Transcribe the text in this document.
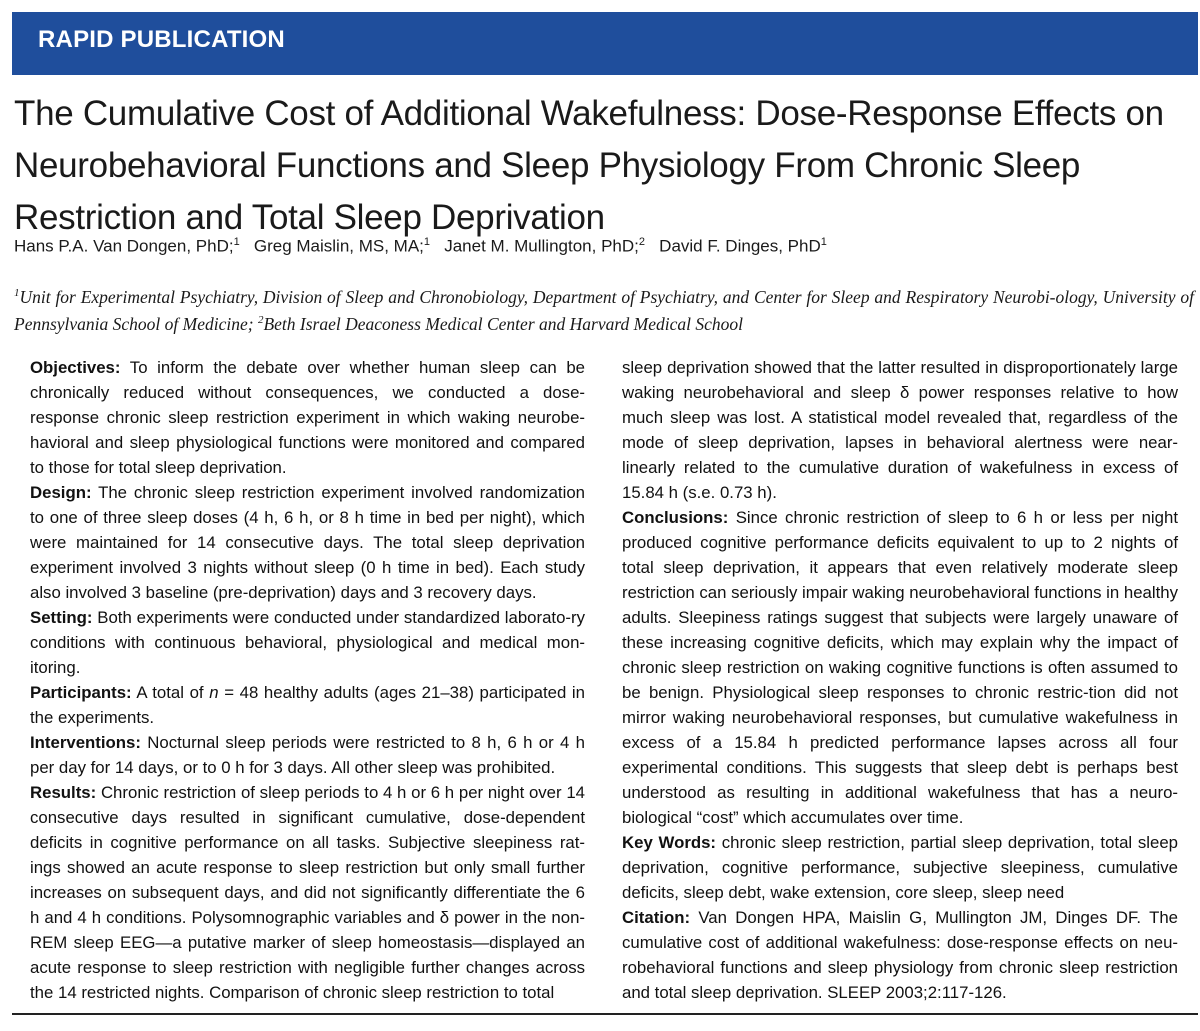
RAPID PUBLICATION
The Cumulative Cost of Additional Wakefulness: Dose-Response Effects on Neurobehavioral Functions and Sleep Physiology From Chronic Sleep Restriction and Total Sleep Deprivation
Hans P.A. Van Dongen, PhD;$^1$ Greg Maislin, MS, MA;$^1$ Janet M. Mullington, PhD;$^2$ David F. Dinges, PhD$^1$
$^1$Unit for Experimental Psychiatry, Division of Sleep and Chronobiology, Department of Psychiatry, and Center for Sleep and Respiratory Neurobi-ology, University of Pennsylvania School of Medicine; $^2$Beth Israel Deaconess Medical Center and Harvard Medical School

Objectives: To inform the debate over whether human sleep can be chronically reduced without consequences, we conducted a dose-response chronic sleep restriction experiment in which waking neurobe-havioral and sleep physiological functions were monitored and compared to those for total sleep deprivation.

Design: The chronic sleep restriction experiment involved randomization to one of three sleep doses (4 h, 6 h, or 8 h time in bed per night), which were maintained for 14 consecutive days. The total sleep deprivation experiment involved 3 nights without sleep (0 h time in bed). Each study also involved 3 baseline (pre-deprivation) days and 3 recovery days.

Setting: Both experiments were conducted under standardized laborato-ry conditions with continuous behavioral, physiological and medical mon-itoring.

Participants: A total of n = 48 healthy adults (ages 21–38) participated in the experiments.

Interventions: Nocturnal sleep periods were restricted to 8 h, 6 h or 4 h per day for 14 days, or to 0 h for 3 days. All other sleep was prohibited.

Results: Chronic restriction of sleep periods to 4 h or 6 h per night over 14 consecutive days resulted in significant cumulative, dose-dependent deficits in cognitive performance on all tasks. Subjective sleepiness rat-ings showed an acute response to sleep restriction but only small further increases on subsequent days, and did not significantly differentiate the 6 h and 4 h conditions. Polysomnographic variables and δ power in the non-REM sleep EEG—a putative marker of sleep homeostasis—displayed an acute response to sleep restriction with negligible further changes across the 14 restricted nights. Comparison of chronic sleep restriction to total

sleep deprivation showed that the latter resulted in disproportionately large waking neurobehavioral and sleep δ power responses relative to how much sleep was lost. A statistical model revealed that, regardless of the mode of sleep deprivation, lapses in behavioral alertness were near-linearly related to the cumulative duration of wakefulness in excess of 15.84 h (s.e. 0.73 h).

Conclusions: Since chronic restriction of sleep to 6 h or less per night produced cognitive performance deficits equivalent to up to 2 nights of total sleep deprivation, it appears that even relatively moderate sleep restriction can seriously impair waking neurobehavioral functions in healthy adults. Sleepiness ratings suggest that subjects were largely unaware of these increasing cognitive deficits, which may explain why the impact of chronic sleep restriction on waking cognitive functions is often assumed to be benign. Physiological sleep responses to chronic restric-tion did not mirror waking neurobehavioral responses, but cumulative wakefulness in excess of a 15.84 h predicted performance lapses across all four experimental conditions. This suggests that sleep debt is perhaps best understood as resulting in additional wakefulness that has a neuro-biological “cost” which accumulates over time.

Key Words: chronic sleep restriction, partial sleep deprivation, total sleep deprivation, cognitive performance, subjective sleepiness, cumulative deficits, sleep debt, wake extension, core sleep, sleep need

Citation: Van Dongen HPA, Maislin G, Mullington JM, Dinges DF. The cumulative cost of additional wakefulness: dose-response effects on neu-robehavioral functions and sleep physiology from chronic sleep restriction and total sleep deprivation. SLEEP 2003;2:117-126.
